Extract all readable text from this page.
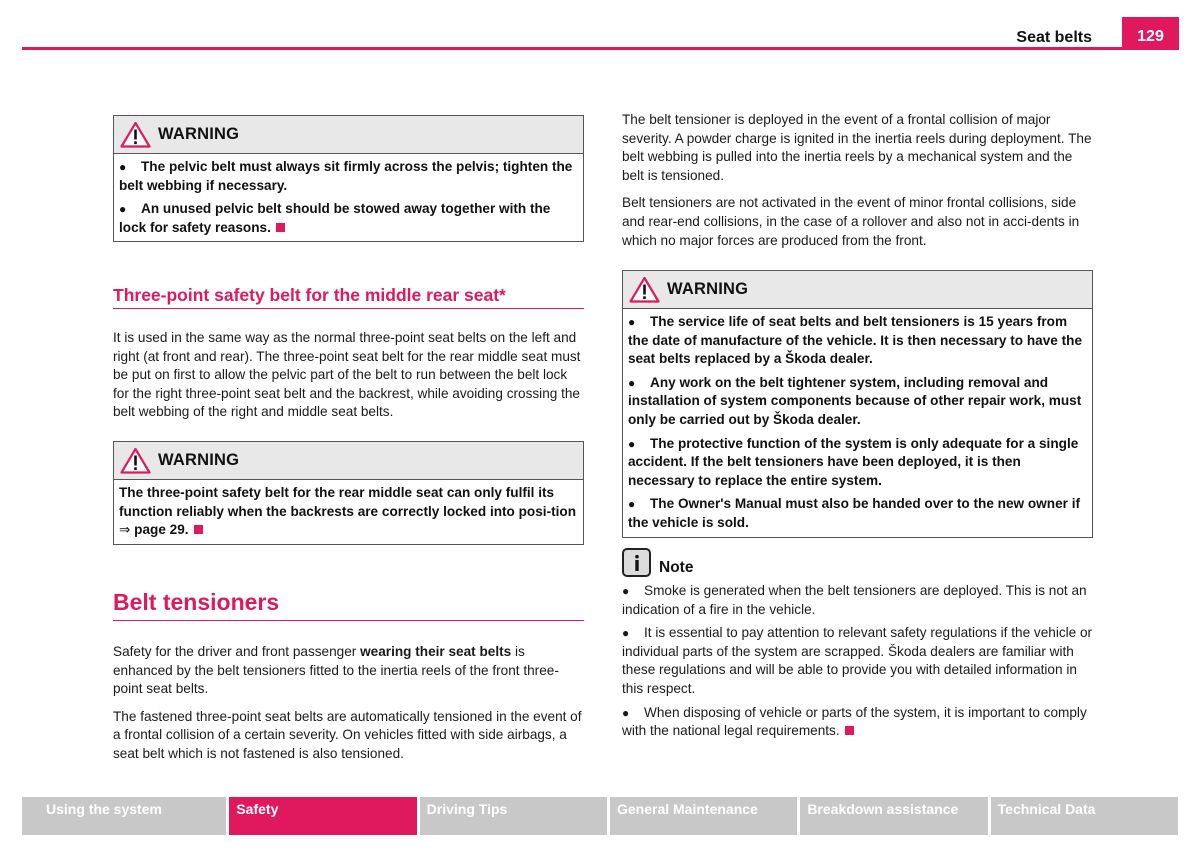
Seat belts	129
WARNING

● The pelvic belt must always sit firmly across the pelvis; tighten the belt webbing if necessary.

● An unused pelvic belt should be stowed away together with the lock for safety reasons.

Three-point safety belt for the middle rear seat*

It is used in the same way as the normal three-point seat belts on the left and right (at front and rear). The three-point seat belt for the rear middle seat must be put on first to allow the pelvic part of the belt to run between the belt lock for the right three-point seat belt and the backrest, while avoiding crossing the belt webbing of the right and middle seat belts.

WARNING

The three-point safety belt for the rear middle seat can only fulfil its function reliably when the backrests are correctly locked into posi-tion ⇒ page 29.

Belt tensioners

Safety for the driver and front passenger wearing their seat belts is enhanced by the belt tensioners fitted to the inertia reels of the front three-point seat belts.

The fastened three-point seat belts are automatically tensioned in the event of a frontal collision of a certain severity. On vehicles fitted with side airbags, a seat belt which is not fastened is also tensioned.

The belt tensioner is deployed in the event of a frontal collision of major severity. A powder charge is ignited in the inertia reels during deployment. The belt webbing is pulled into the inertia reels by a mechanical system and the belt is tensioned.

Belt tensioners are not activated in the event of minor frontal collisions, side and rear-end collisions, in the case of a rollover and also not in acci-dents in which no major forces are produced from the front.

WARNING

● The service life of seat belts and belt tensioners is 15 years from the date of manufacture of the vehicle. It is then necessary to have the seat belts replaced by a Škoda dealer.

● Any work on the belt tightener system, including removal and installation of system components because of other repair work, must only be carried out by Škoda dealer.

● The protective function of the system is only adequate for a single accident. If the belt tensioners have been deployed, it is then necessary to replace the entire system.

● The Owner's Manual must also be handed over to the new owner if the vehicle is sold.

Note

● Smoke is generated when the belt tensioners are deployed. This is not an indication of a fire in the vehicle.

● It is essential to pay attention to relevant safety regulations if the vehicle or individual parts of the system are scrapped. Škoda dealers are familiar with these regulations and will be able to provide you with detailed information in this respect.

● When disposing of vehicle or parts of the system, it is important to comply with the national legal requirements.

Using the system	Safety	Driving Tips	General Maintenance	Breakdown assistance	Technical Data
